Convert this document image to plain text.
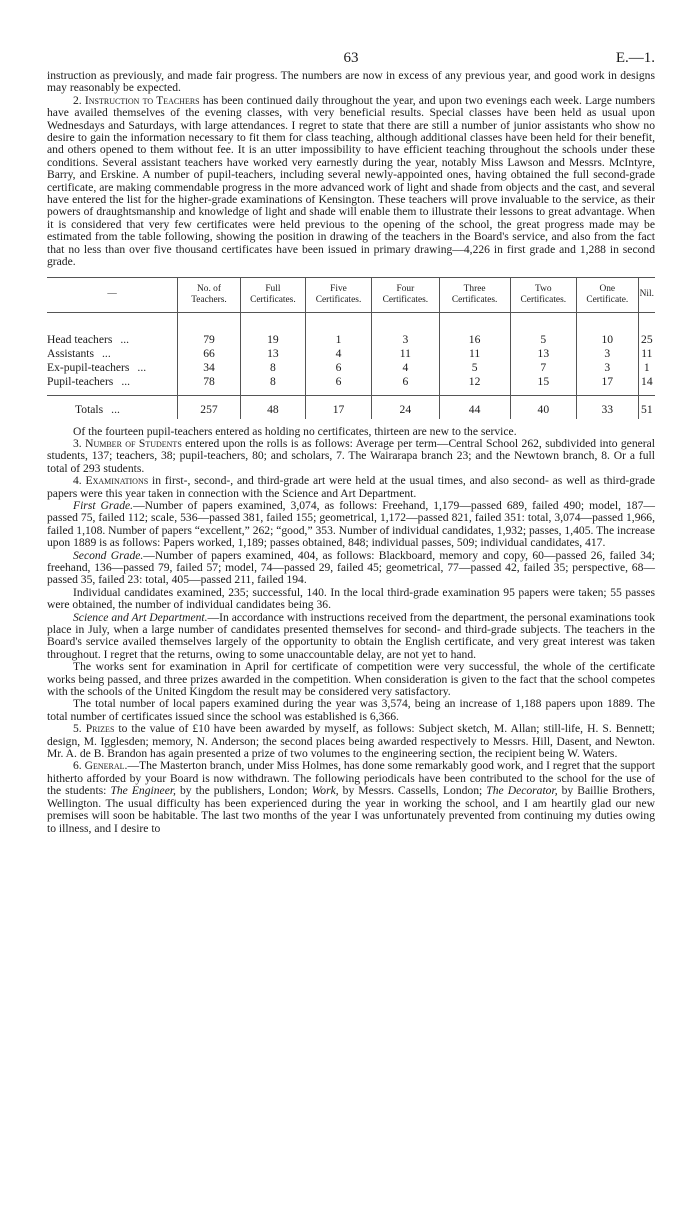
63	E.—1.

instruction as previously, and made fair progress. The numbers are now in excess of any previous year, and good work in designs may reasonably be expected.

2. Instruction to Teachers has been continued daily throughout the year, and upon two evenings each week. Large numbers have availed themselves of the evening classes, with very beneficial results. Special classes have been held as usual upon Wednesdays and Saturdays, with large attendances. I regret to state that there are still a number of junior assistants who show no desire to gain the information necessary to fit them for class teaching, although additional classes have been held for their benefit, and others opened to them without fee. It is an utter impossibility to have efficient teaching throughout the schools under these conditions. Several assistant teachers have worked very earnestly during the year, notably Miss Lawson and Messrs. McIntyre, Barry, and Erskine. A number of pupil-teachers, including several newly-appointed ones, having obtained the full second-grade certificate, are making commendable progress in the more advanced work of light and shade from objects and the cast, and several have entered the list for the higher-grade examinations of Kensington. These teachers will prove invaluable to the service, as their powers of draughtsmanship and knowledge of light and shade will enable them to illustrate their lessons to great advantage. When it is considered that very few certificates were held previous to the opening of the school, the great progress made may be estimated from the table following, showing the position in drawing of the teachers in the Board's service, and also from the fact that no less than over five thousand certificates have been issued in primary drawing—4,226 in first grade and 1,288 in second grade.

—	No. of Teachers.	Full Certificates.	Five Certificates.	Four Certificates.	Three Certificates.	Two Certificates.	One Certificate.	Nil.

Head teachers ...	79	19	1	3	16	5	10	25
Assistants ...	66	13	4	11	11	13	3	11
Ex-pupil-teachers ...	34	8	6	4	5	7	3	1
Pupil-teachers ...	78	8	6	6	12	15	17	14
Totals ...	257	48	17	24	44	40	33	51

Of the fourteen pupil-teachers entered as holding no certificates, thirteen are new to the service.

3. Number of Students entered upon the rolls is as follows: Average per term—Central School 262, subdivided into general students, 137; teachers, 38; pupil-teachers, 80; and scholars, 7. The Wairarapa branch 23; and the Newtown branch, 8. Or a full total of 293 students.

4. Examinations in first-, second-, and third-grade art were held at the usual times, and also second- as well as third-grade papers were this year taken in connection with the Science and Art Department.

First Grade.—Number of papers examined, 3,074, as follows: Freehand, 1,179—passed 689, failed 490; model, 187—passed 75, failed 112; scale, 536—passed 381, failed 155; geometrical, 1,172—passed 821, failed 351: total, 3,074—passed 1,966, failed 1,108. Number of papers “excellent,” 262; “good,” 353. Number of individual candidates, 1,932; passes, 1,405. The increase upon 1889 is as follows: Papers worked, 1,189; passes obtained, 848; individual passes, 509; individual candidates, 417.

Second Grade.—Number of papers examined, 404, as follows: Blackboard, memory and copy, 60—passed 26, failed 34; freehand, 136—passed 79, failed 57; model, 74—passed 29, failed 45; geometrical, 77—passed 42, failed 35; perspective, 68—passed 35, failed 23: total, 405—passed 211, failed 194.

Individual candidates examined, 235; successful, 140. In the local third-grade examination 95 papers were taken; 55 passes were obtained, the number of individual candidates being 36.

Science and Art Department.—In accordance with instructions received from the department, the personal examinations took place in July, when a large number of candidates presented themselves for second- and third-grade subjects. The teachers in the Board's service availed themselves largely of the opportunity to obtain the English certificate, and very great interest was taken throughout. I regret that the returns, owing to some unaccountable delay, are not yet to hand.

The works sent for examination in April for certificate of competition were very successful, the whole of the certificate works being passed, and three prizes awarded in the competition. When consideration is given to the fact that the school competes with the schools of the United Kingdom the result may be considered very satisfactory.

The total number of local papers examined during the year was 3,574, being an increase of 1,188 papers upon 1889. The total number of certificates issued since the school was established is 6,366.

5. Prizes to the value of £10 have been awarded by myself, as follows: Subject sketch, M. Allan; still-life, H. S. Bennett; design, M. Igglesden; memory, N. Anderson; the second places being awarded respectively to Messrs. Hill, Dasent, and Newton. Mr. A. de B. Brandon has again presented a prize of two volumes to the engineering section, the recipient being W. Waters.

6. General.—The Masterton branch, under Miss Holmes, has done some remarkably good work, and I regret that the support hitherto afforded by your Board is now withdrawn. The following periodicals have been contributed to the school for the use of the students: The Engineer, by the publishers, London; Work, by Messrs. Cassells, London; The Decorator, by Baillie Brothers, Wellington. The usual difficulty has been experienced during the year in working the school, and I am heartily glad our new premises will soon be habitable. The last two months of the year I was unfortunately prevented from continuing my duties owing to illness, and I desire to
